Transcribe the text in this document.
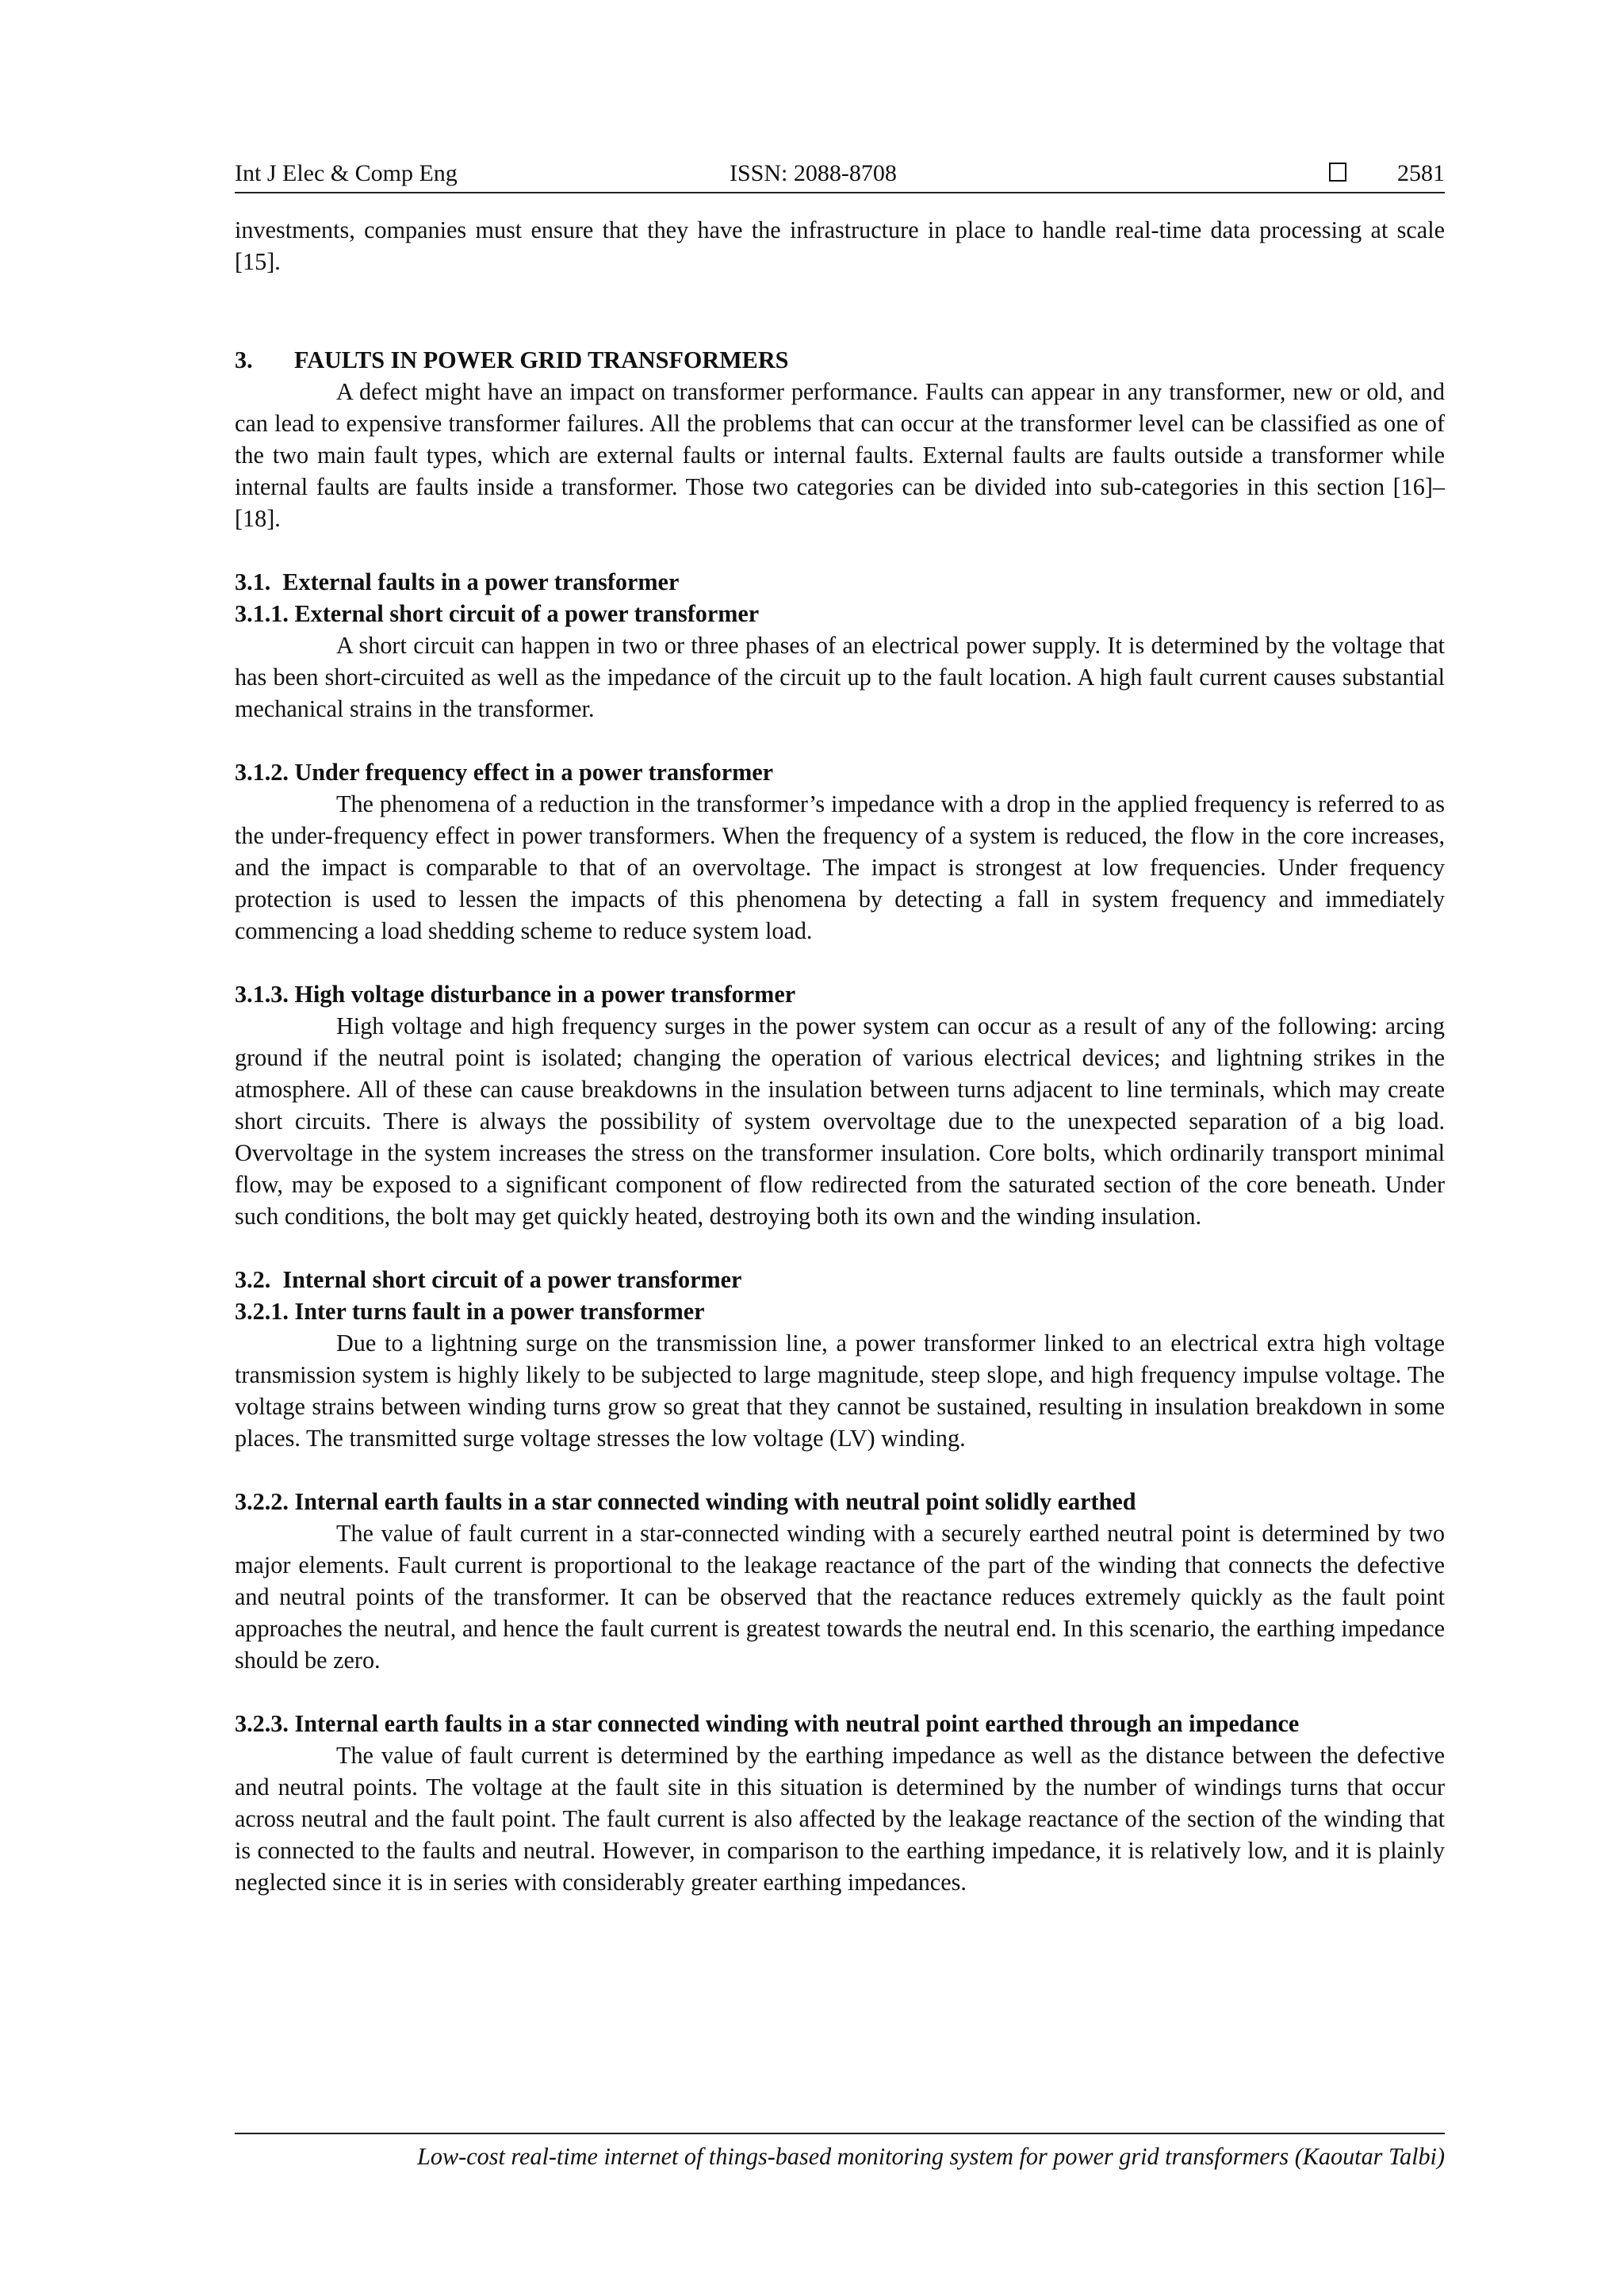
Int J Elec & Comp Eng	ISSN: 2088-8708	2581

investments, companies must ensure that they have the infrastructure in place to handle real-time data processing at scale [15].

3. FAULTS IN POWER GRID TRANSFORMERS

A defect might have an impact on transformer performance. Faults can appear in any transformer, new or old, and can lead to expensive transformer failures. All the problems that can occur at the transformer level can be classified as one of the two main fault types, which are external faults or internal faults. External faults are faults outside a transformer while internal faults are faults inside a transformer. Those two categories can be divided into sub-categories in this section [16]–[18].

3.1.  External faults in a power transformer
3.1.1. External short circuit of a power transformer

A short circuit can happen in two or three phases of an electrical power supply. It is determined by the voltage that has been short-circuited as well as the impedance of the circuit up to the fault location. A high fault current causes substantial mechanical strains in the transformer.

3.1.2. Under frequency effect in a power transformer

The phenomena of a reduction in the transformer’s impedance with a drop in the applied frequency is referred to as the under-frequency effect in power transformers. When the frequency of a system is reduced, the flow in the core increases, and the impact is comparable to that of an overvoltage. The impact is strongest at low frequencies. Under frequency protection is used to lessen the impacts of this phenomena by detecting a fall in system frequency and immediately commencing a load shedding scheme to reduce system load.

3.1.3. High voltage disturbance in a power transformer

High voltage and high frequency surges in the power system can occur as a result of any of the following: arcing ground if the neutral point is isolated; changing the operation of various electrical devices; and lightning strikes in the atmosphere. All of these can cause breakdowns in the insulation between turns adjacent to line terminals, which may create short circuits. There is always the possibility of system overvoltage due to the unexpected separation of a big load. Overvoltage in the system increases the stress on the transformer insulation. Core bolts, which ordinarily transport minimal flow, may be exposed to a significant component of flow redirected from the saturated section of the core beneath. Under such conditions, the bolt may get quickly heated, destroying both its own and the winding insulation.

3.2.  Internal short circuit of a power transformer
3.2.1. Inter turns fault in a power transformer

Due to a lightning surge on the transmission line, a power transformer linked to an electrical extra high voltage transmission system is highly likely to be subjected to large magnitude, steep slope, and high frequency impulse voltage. The voltage strains between winding turns grow so great that they cannot be sustained, resulting in insulation breakdown in some places. The transmitted surge voltage stresses the low voltage (LV) winding.

3.2.2. Internal earth faults in a star connected winding with neutral point solidly earthed

The value of fault current in a star-connected winding with a securely earthed neutral point is determined by two major elements. Fault current is proportional to the leakage reactance of the part of the winding that connects the defective and neutral points of the transformer. It can be observed that the reactance reduces extremely quickly as the fault point approaches the neutral, and hence the fault current is greatest towards the neutral end. In this scenario, the earthing impedance should be zero.

3.2.3. Internal earth faults in a star connected winding with neutral point earthed through an impedance

The value of fault current is determined by the earthing impedance as well as the distance between the defective and neutral points. The voltage at the fault site in this situation is determined by the number of windings turns that occur across neutral and the fault point. The fault current is also affected by the leakage reactance of the section of the winding that is connected to the faults and neutral. However, in comparison to the earthing impedance, it is relatively low, and it is plainly neglected since it is in series with considerably greater earthing impedances.

Low-cost real-time internet of things-based monitoring system for power grid transformers (Kaoutar Talbi)
